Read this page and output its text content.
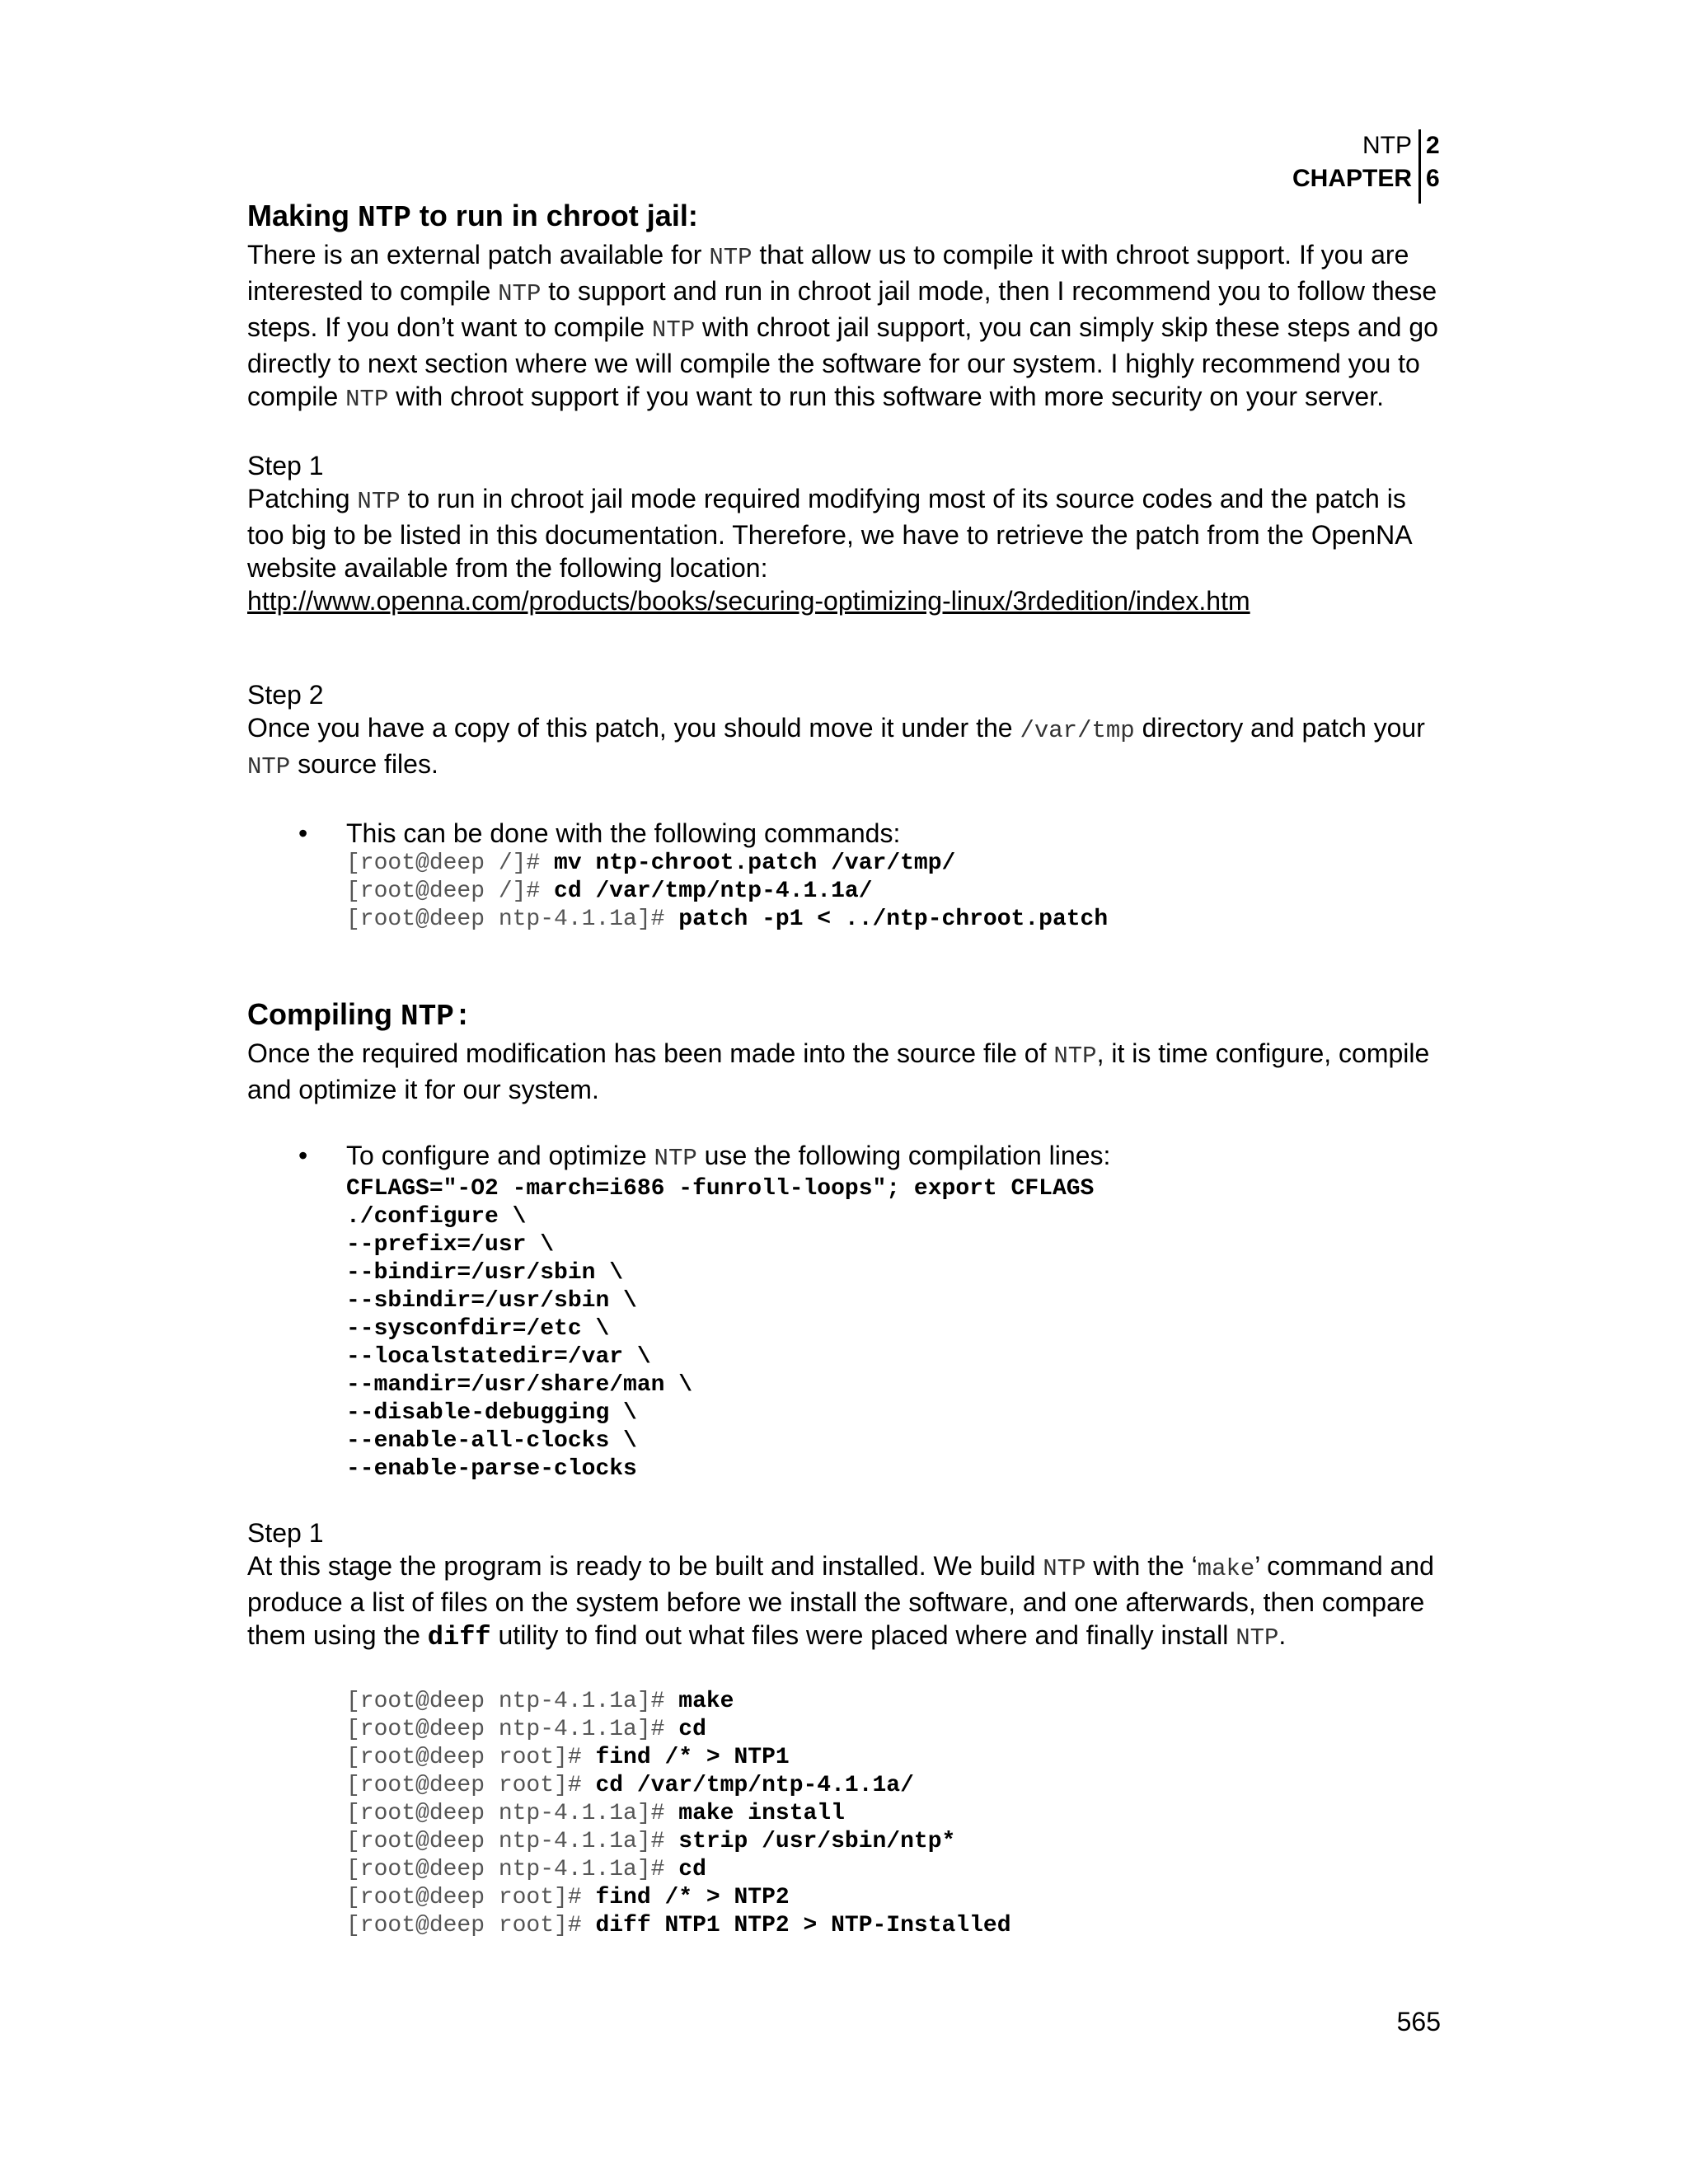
NTP 2
CHAPTER 6
Making NTP to run in chroot jail:

There is an external patch available for NTP that allow us to compile it with chroot support. If you are interested to compile NTP to support and run in chroot jail mode, then I recommend you to follow these steps. If you don’t want to compile NTP with chroot jail support, you can simply skip these steps and go directly to next section where we will compile the software for our system. I highly recommend you to compile NTP with chroot support if you want to run this software with more security on your server.

Step 1

Patching NTP to run in chroot jail mode required modifying most of its source codes and the patch is too big to be listed in this documentation. Therefore, we have to retrieve the patch from the OpenNA website available from the following location:

http://www.openna.com/products/books/securing-optimizing-linux/3rdedition/index.htm

Step 2

Once you have a copy of this patch, you should move it under the /var/tmp directory and patch your NTP source files.

• This can be done with the following commands:
[root@deep /]# mv ntp-chroot.patch /var/tmp/
[root@deep /]# cd /var/tmp/ntp-4.1.1a/
[root@deep ntp-4.1.1a]# patch -p1 < ../ntp-chroot.patch
Compiling NTP:

Once the required modification has been made into the source file of NTP, it is time configure, compile and optimize it for our system.

• To configure and optimize NTP use the following compilation lines:
CFLAGS="-O2 -march=i686 -funroll-loops"; export CFLAGS
./configure \
--prefix=/usr \
--bindir=/usr/sbin \
--sbindir=/usr/sbin \
--sysconfdir=/etc \
--localstatedir=/var \
--mandir=/usr/share/man \
--disable-debugging \
--enable-all-clocks \
--enable-parse-clocks

Step 1

At this stage the program is ready to be built and installed. We build NTP with the ‘make’ command and produce a list of files on the system before we install the software, and one afterwards, then compare them using the diff utility to find out what files were placed where and finally install NTP.

[root@deep ntp-4.1.1a]# make
[root@deep ntp-4.1.1a]# cd
[root@deep root]# find /* > NTP1
[root@deep root]# cd /var/tmp/ntp-4.1.1a/
[root@deep ntp-4.1.1a]# make install
[root@deep ntp-4.1.1a]# strip /usr/sbin/ntp*
[root@deep ntp-4.1.1a]# cd
[root@deep root]# find /* > NTP2
[root@deep root]# diff NTP1 NTP2 > NTP-Installed
565
